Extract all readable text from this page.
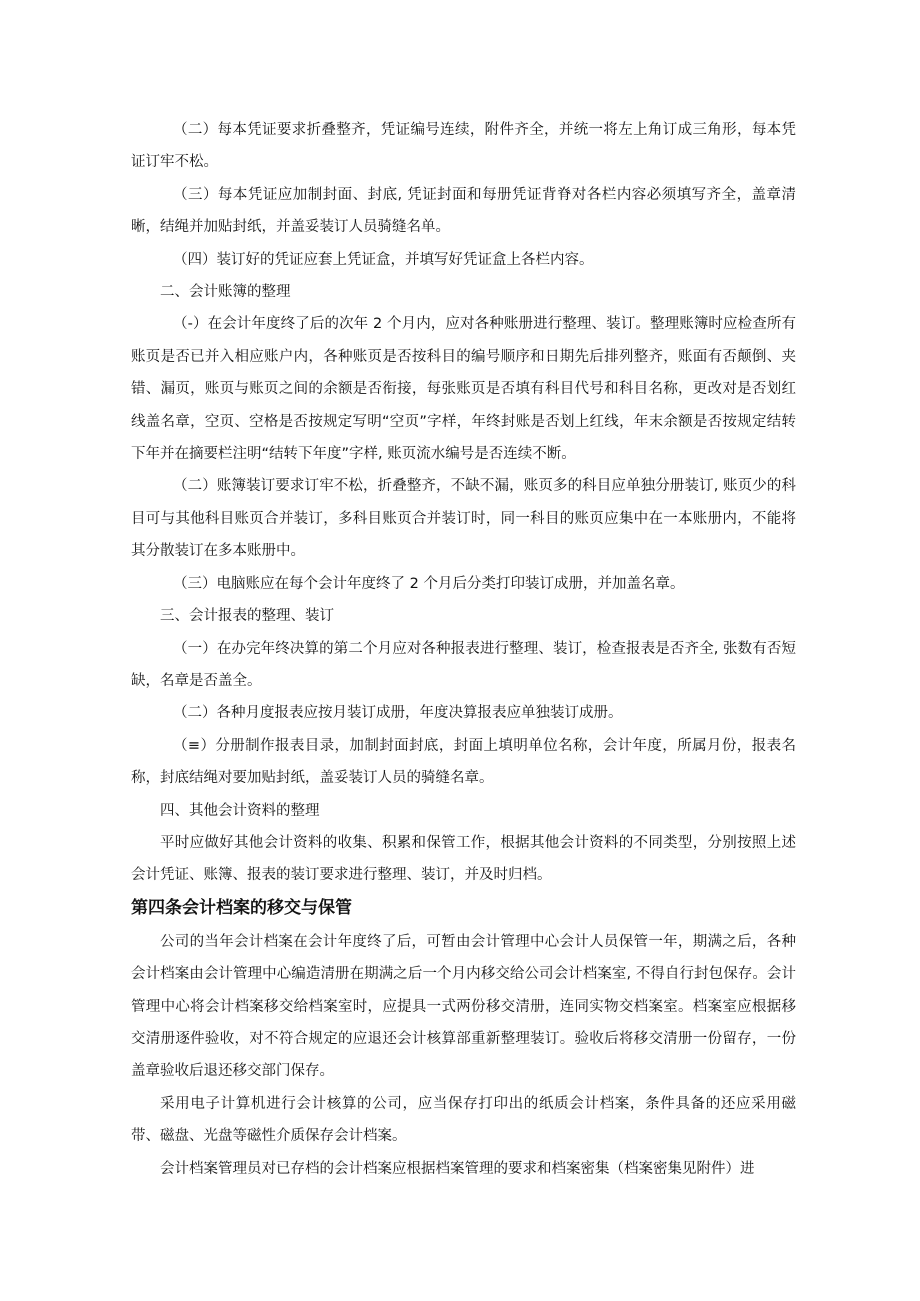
（二）每本凭证要求折叠整齐，凭证编号连续，附件齐全，并统一将左上角订成三角形，每本凭证订牢不松。

（三）每本凭证应加制封面、封底, 凭证封面和每册凭证背脊对各栏内容必须填写齐全，盖章清晰，结绳并加贴封纸，并盖妥装订人员骑缝名单。

（四）装订好的凭证应套上凭证盒，并填写好凭证盒上各栏内容。

二、会计账簿的整理

（-）在会计年度终了后的次年 2 个月内，应对各种账册进行整理、装订。整理账簿时应检查所有账页是否已并入相应账户内，各种账页是否按科目的编号顺序和日期先后排列整齐，账面有否颠倒、夹错、漏页，账页与账页之间的余额是否衔接，每张账页是否填有科目代号和科目名称，更改对是否划红线盖名章，空页、空格是否按规定写明“空页”字样，年终封账是否划上红线，年末余额是否按规定结转下年并在摘要栏注明“结转下年度”字样, 账页流水编号是否连续不断。

（二）账簿装订要求订牢不松，折叠整齐，不缺不漏，账页多的科目应单独分册装订, 账页少的科目可与其他科目账页合并装订，多科目账页合并装订时，同一科目的账页应集中在一本账册内，不能将其分散装订在多本账册中。

（三）电脑账应在每个会计年度终了 2 个月后分类打印装订成册，并加盖名章。

三、会计报表的整理、装订

（一）在办完年终决算的第二个月应对各种报表进行整理、装订，检查报表是否齐全, 张数有否短缺，名章是否盖全。

（二）各种月度报表应按月装订成册，年度决算报表应单独装订成册。

（≡）分册制作报表目录，加制封面封底，封面上填明单位名称，会计年度，所属月份，报表名称，封底结绳对要加贴封纸，盖妥装订人员的骑缝名章。

四、其他会计资料的整理

平时应做好其他会计资料的收集、积累和保管工作，根据其他会计资料的不同类型，分别按照上述会计凭证、账簿、报表的装订要求进行整理、装订，并及时归档。

第四条会计档案的移交与保管

公司的当年会计档案在会计年度终了后，可暂由会计管理中心会计人员保管一年，期满之后，各种会计档案由会计管理中心编造清册在期满之后一个月内移交给公司会计档案室, 不得自行封包保存。会计管理中心将会计档案移交给档案室时，应提具一式两份移交清册，连同实物交档案室。档案室应根据移交清册逐件验收，对不符合规定的应退还会计核算部重新整理装订。验收后将移交清册一份留存，一份盖章验收后退还移交部门保存。

采用电子计算机进行会计核算的公司，应当保存打印出的纸质会计档案，条件具备的还应采用磁带、磁盘、光盘等磁性介质保存会计档案。

会计档案管理员对已存档的会计档案应根据档案管理的要求和档案密集（档案密集见附件）进
